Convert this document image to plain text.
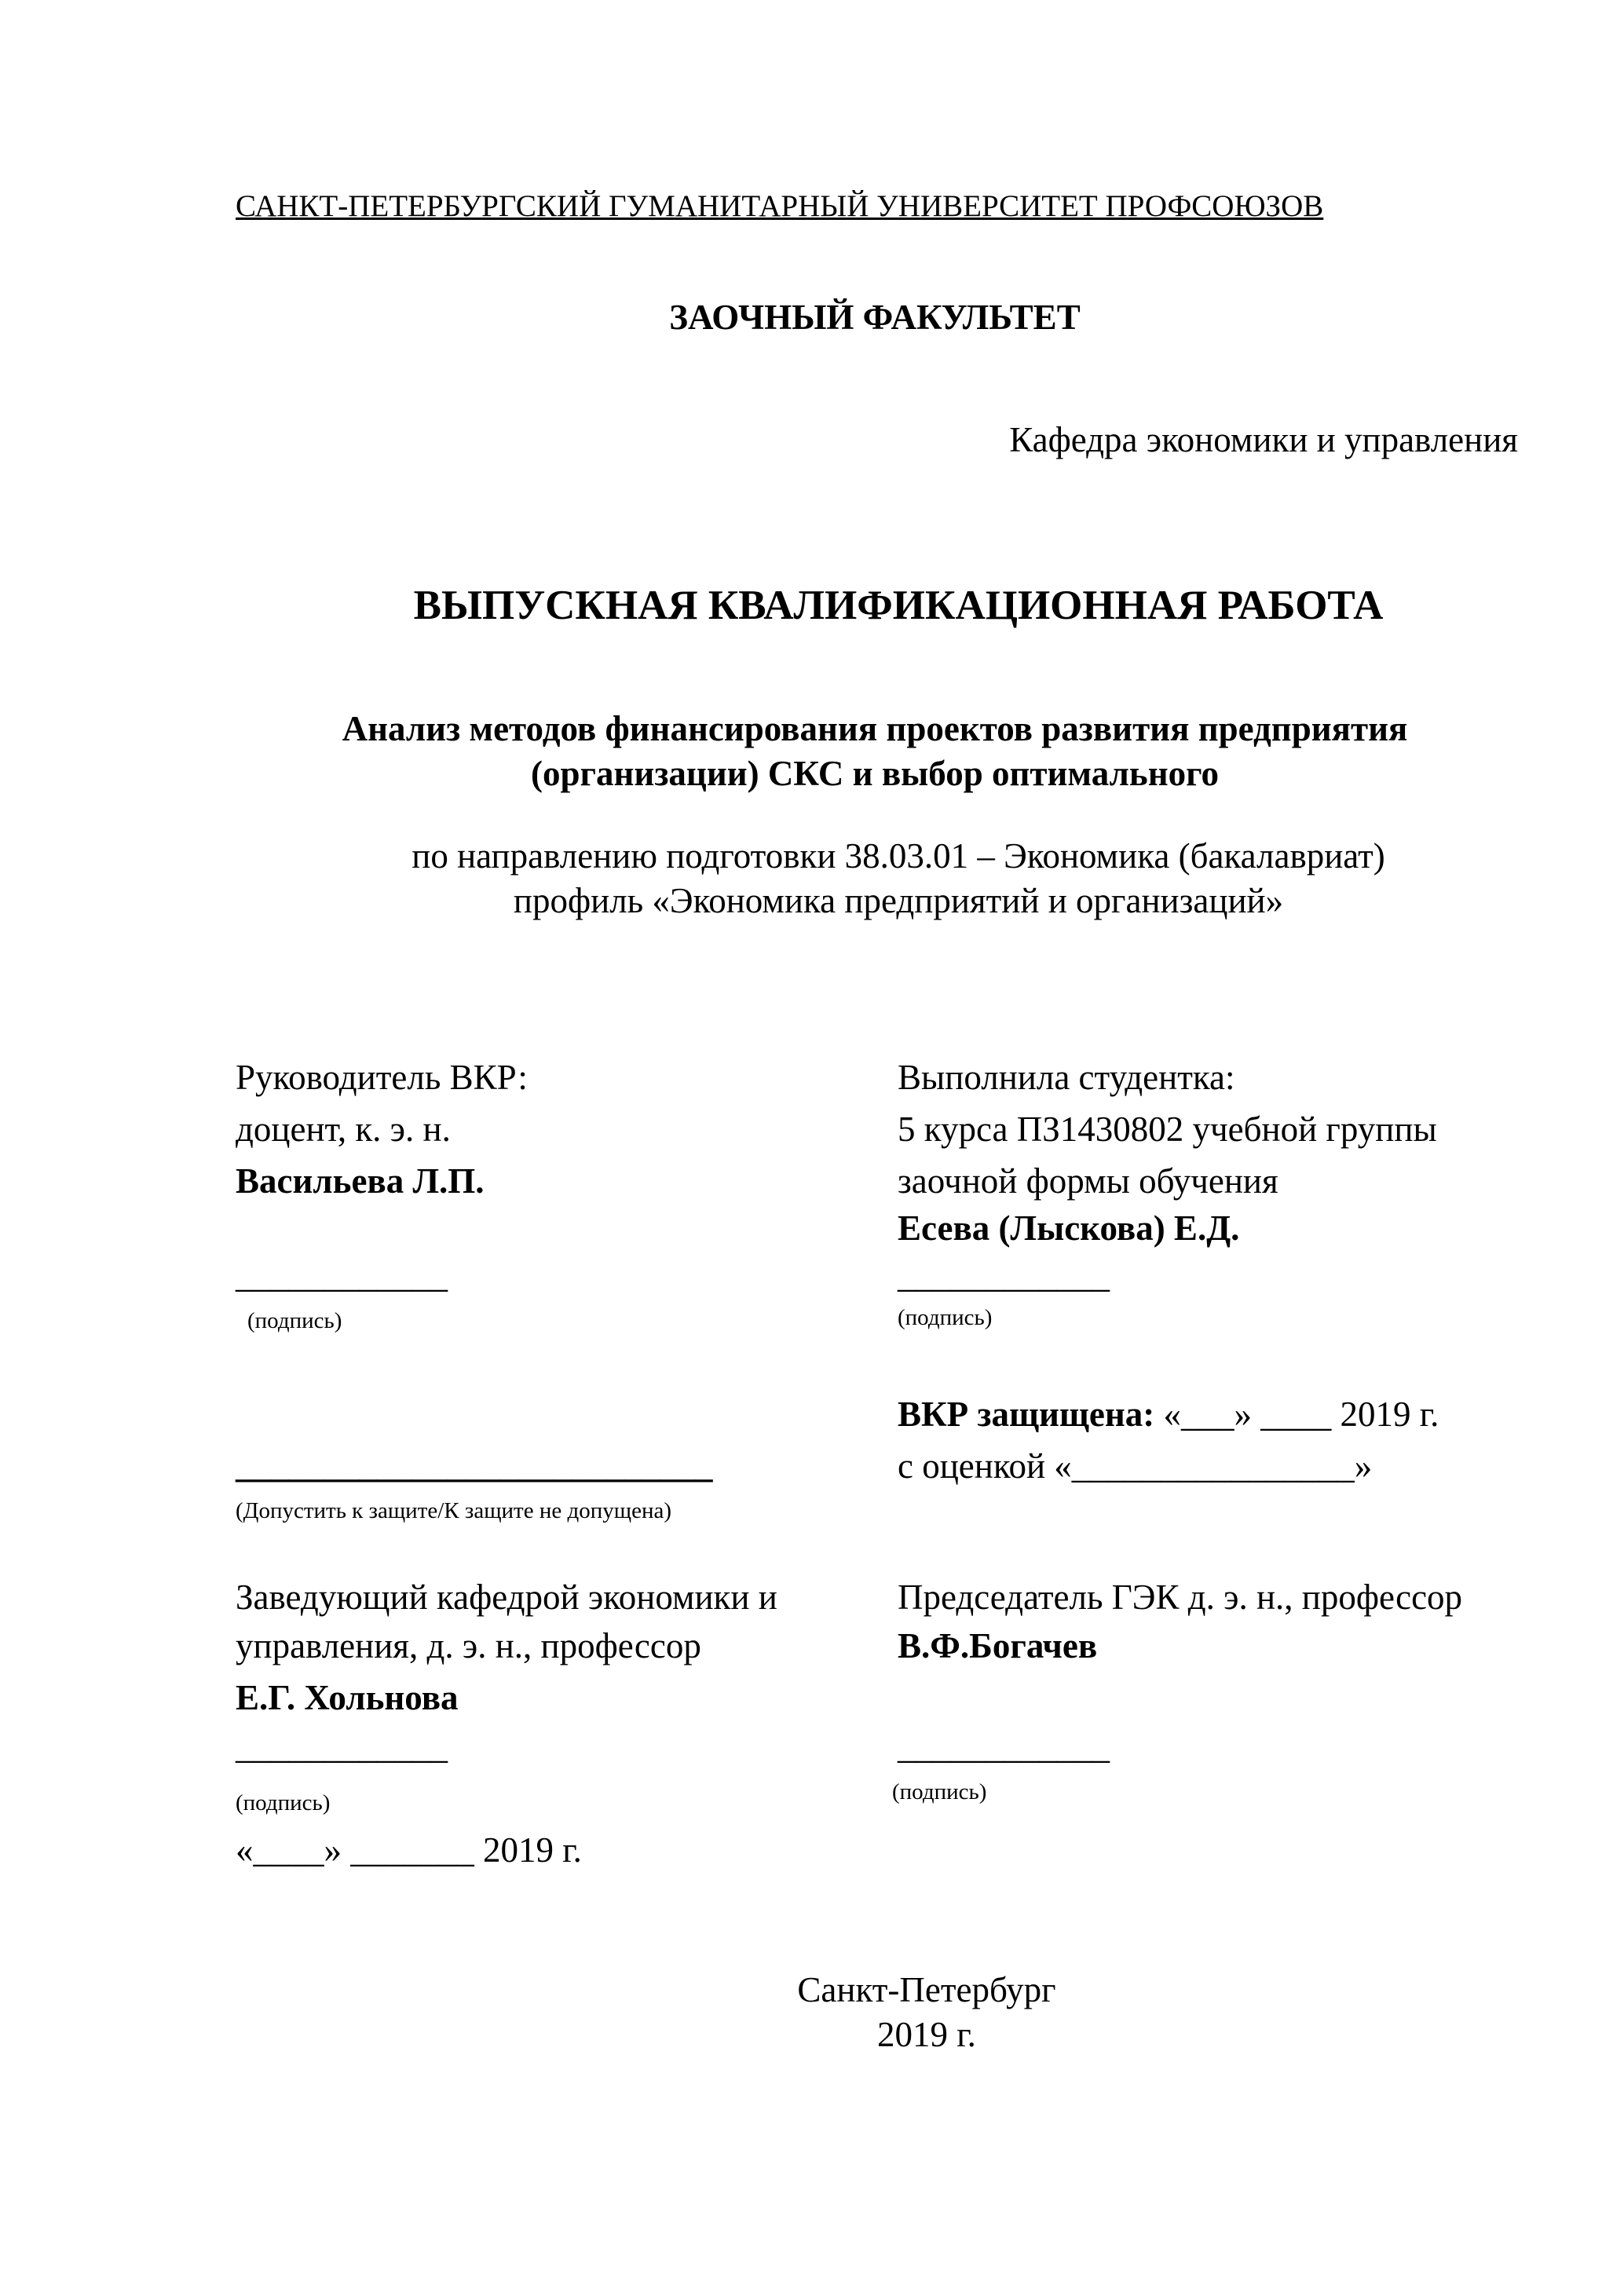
САНКТ-ПЕТЕРБУРГСКИЙ ГУМАНИТАРНЫЙ УНИВЕРСИТЕТ ПРОФСОЮЗОВ
ЗАОЧНЫЙ ФАКУЛЬТЕТ
Кафедра экономики и управления
ВЫПУСКНАЯ КВАЛИФИКАЦИОННАЯ РАБОТА
Анализ методов финансирования проектов развития предприятия
(организации) СКС и выбор оптимального
по направлению подготовки 38.03.01 – Экономика (бакалавриат)
профиль «Экономика предприятий и организаций»
Руководитель ВКР:
доцент, к. э. н.
Васильева Л.П.
____________
(подпись)
Выполнила студентка:
5 курса ПЗ1430802 учебной группы
заочной формы обучения
Есева (Лыскова) Е.Д.
____________
(подпись)
___________________________
(Допустить к защите/К защите не допущена)
ВКР защищена: «___» ____ 2019 г.
с оценкой «________________»
Заведующий кафедрой экономики и
управления, д. э. н., профессор
Е.Г. Хольнова
____________
(подпись)
«____» _______ 2019 г.
Председатель ГЭК д. э. н., профессор
В.Ф.Богачев
____________
(подпись)
Санкт-Петербург
2019 г.
